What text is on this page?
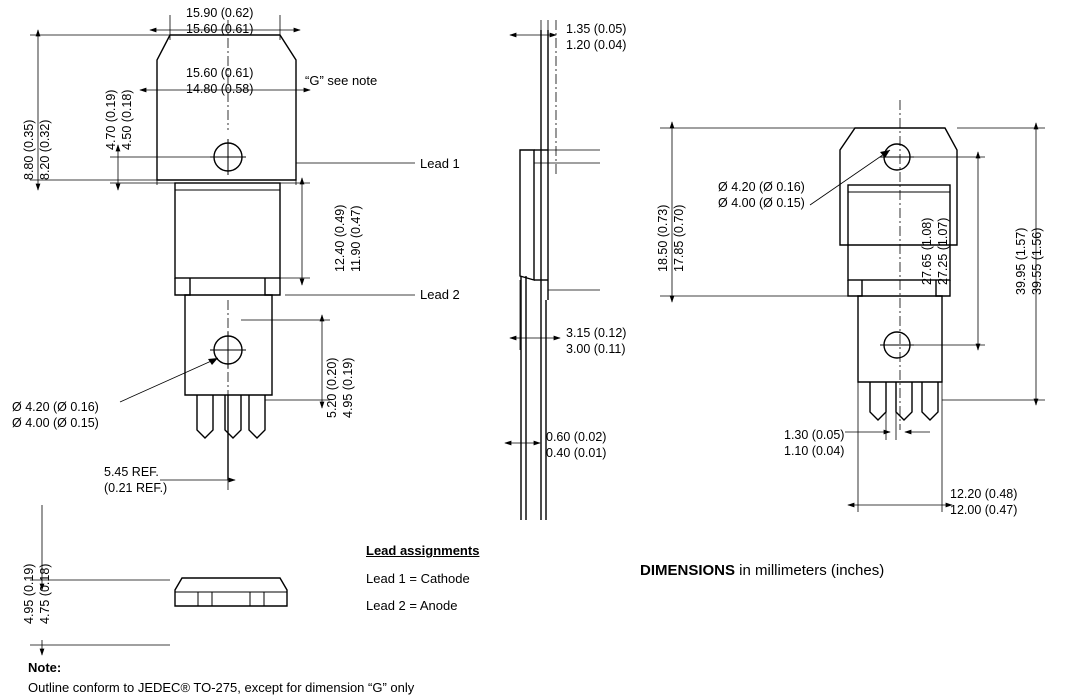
15.90 (0.62)
15.60 (0.61)
15.60 (0.61)
14.80 (0.58)
“G” see note
8.80 (0.35) 8.20 (0.32)	4.70 (0.19) 4.50 (0.18)
12.40 (0.49) 11.90 (0.47)
Lead 1
Lead 2
5.20 (0.20) 4.95 (0.19)
Ø 4.20 (Ø 0.16)
Ø 4.00 (Ø 0.15)
5.45 REF.
(0.21 REF.)
4.95 (0.19) 4.75 (0.18)
1.35 (0.05)
1.20 (0.04)
3.15 (0.12)
3.00 (0.11)
0.60 (0.02)
0.40 (0.01)
18.50 (0.73) 17.85 (0.70)
Ø 4.20 (Ø 0.16)
Ø 4.00 (Ø 0.15)
27.65 (1.08) 27.25 (1.07)	39.95 (1.57) 39.55 (1.56)
1.30 (0.05)
1.10 (0.04)
12.20 (0.48)
12.00 (0.47)
Lead assignments
Lead 1 = Cathode
Lead 2 = Anode
DIMENSIONS in millimeters (inches)
Note:
Outline conform to JEDEC® TO-275, except for dimension “G” only
